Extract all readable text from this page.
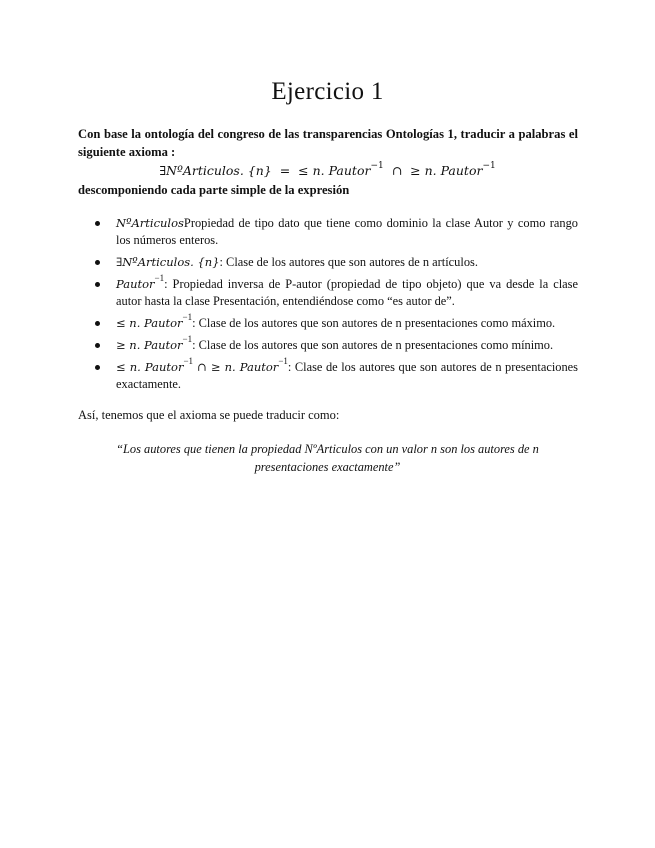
Ejercicio 1

Con base la ontología del congreso de las transparencias Ontologías 1, traducir a palabras el siguiente axioma :

∃NºArticulos. {n} = ≤ n. Pautor$^{-1}$ ∩ ≥ n. Pautor$^{-1}$

descomponiendo cada parte simple de la expresión

NºArticulosPropiedad de tipo dato que tiene como dominio la clase Autor y como rango los números enteros.
∃NºArticulos. {n}: Clase de los autores que son autores de n artículos.
Pautor$^{-1}$: Propiedad inversa de P-autor (propiedad de tipo objeto) que va desde la clase autor hasta la clase Presentación, entendiéndose como “es autor de”.
≤ n. Pautor$^{-1}$: Clase de los autores que son autores de n presentaciones como máximo.
≥ n. Pautor$^{-1}$: Clase de los autores que son autores de n presentaciones como mínimo.
≤ n. Pautor$^{-1}$ ∩ ≥ n. Pautor$^{-1}$: Clase de los autores que son autores de n presentaciones exactamente.

Así, tenemos que el axioma se puede traducir como:

“Los autores que tienen la propiedad NºArticulos con un valor n son los autores de n presentaciones exactamente”
